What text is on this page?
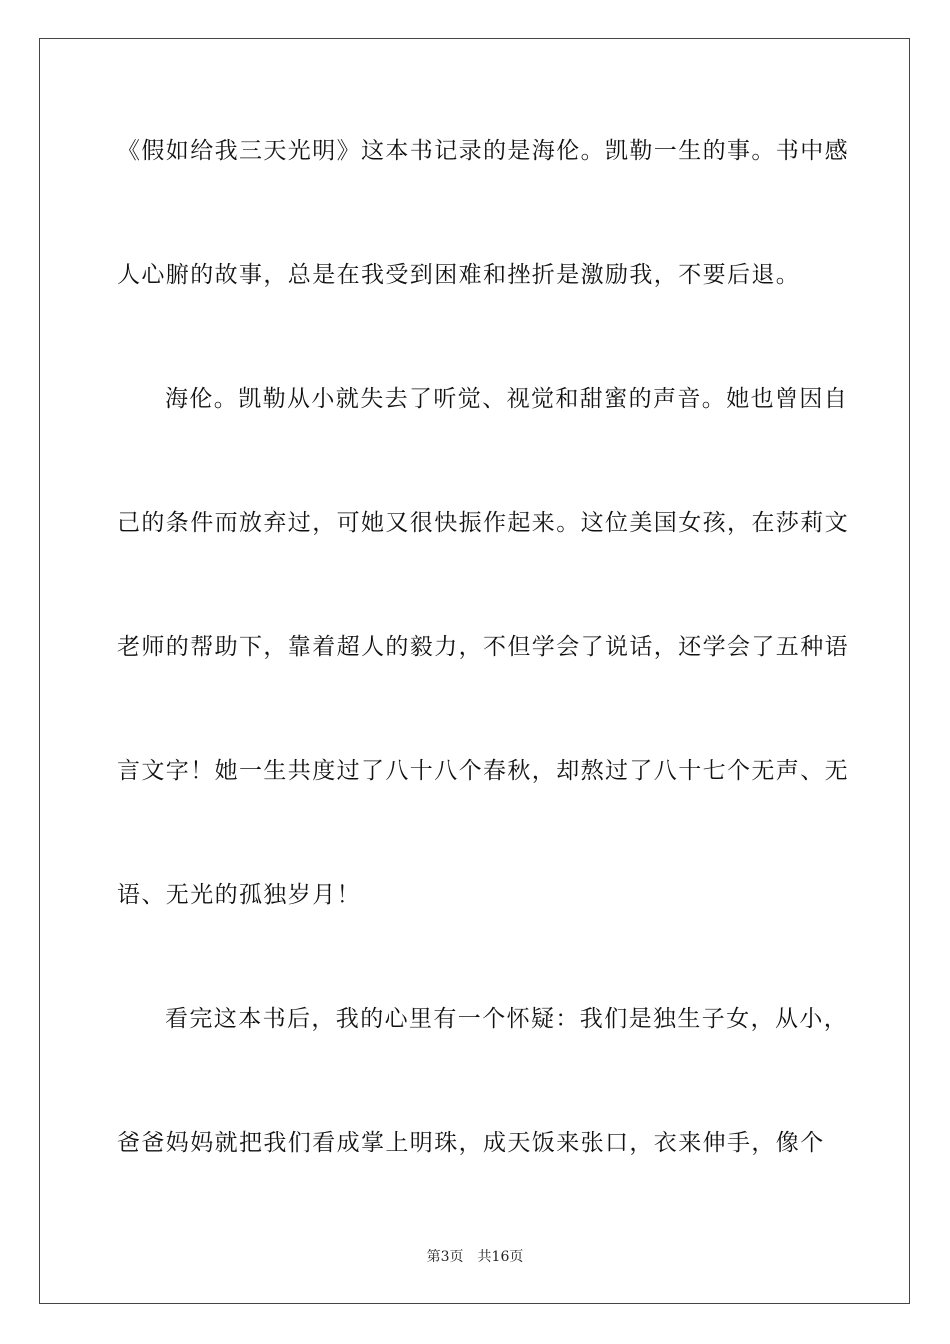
《假如给我三天光明》这本书记录的是海伦。凯勒一生的事。书中感
人心腑的故事，总是在我受到困难和挫折是激励我，不要后退。
海伦。凯勒从小就失去了听觉、视觉和甜蜜的声音。她也曾因自
己的条件而放弃过，可她又很快振作起来。这位美国女孩，在莎莉文
老师的帮助下，靠着超人的毅力，不但学会了说话，还学会了五种语
言文字！她一生共度过了八十八个春秋，却熬过了八十七个无声、无
语、无光的孤独岁月！
看完这本书后，我的心里有一个怀疑：我们是独生子女，从小，
爸爸妈妈就把我们看成掌上明珠，成天饭来张口，衣来伸手，像个
第3页 共16页
